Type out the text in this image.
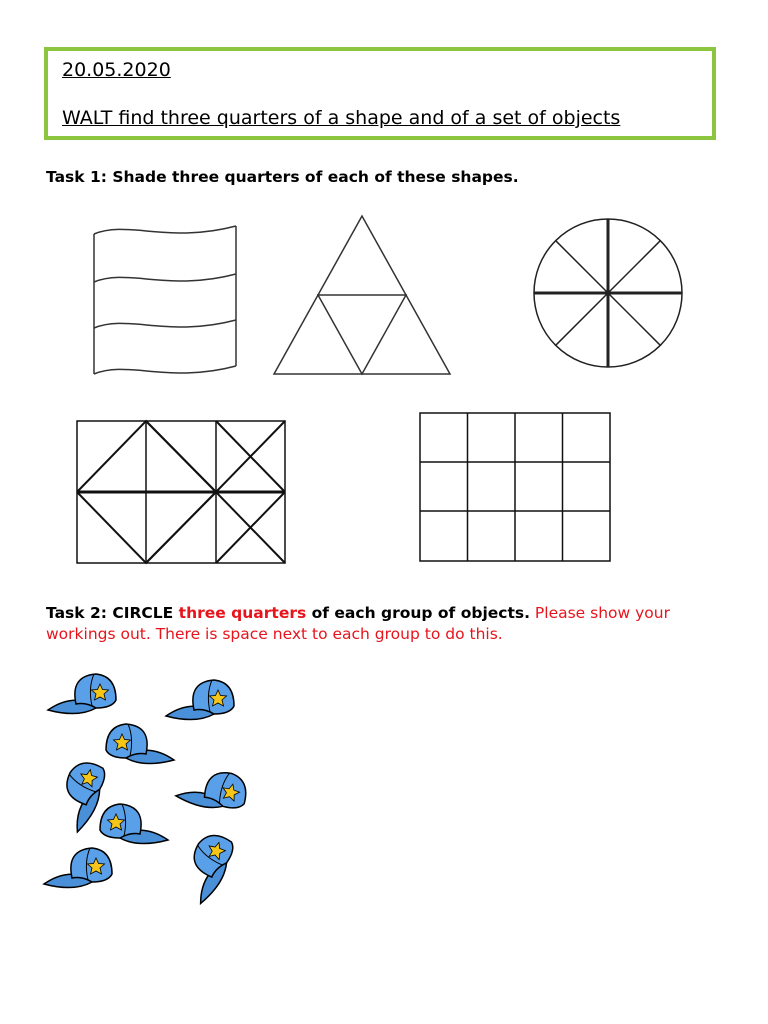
20.05.2020
WALT find three quarters of a shape and of a set of objects
Task 1: Shade three quarters of each of these shapes.
Task 2: CIRCLE three quarters of each group of objects. Please show your workings out. There is space next to each group to do this.
